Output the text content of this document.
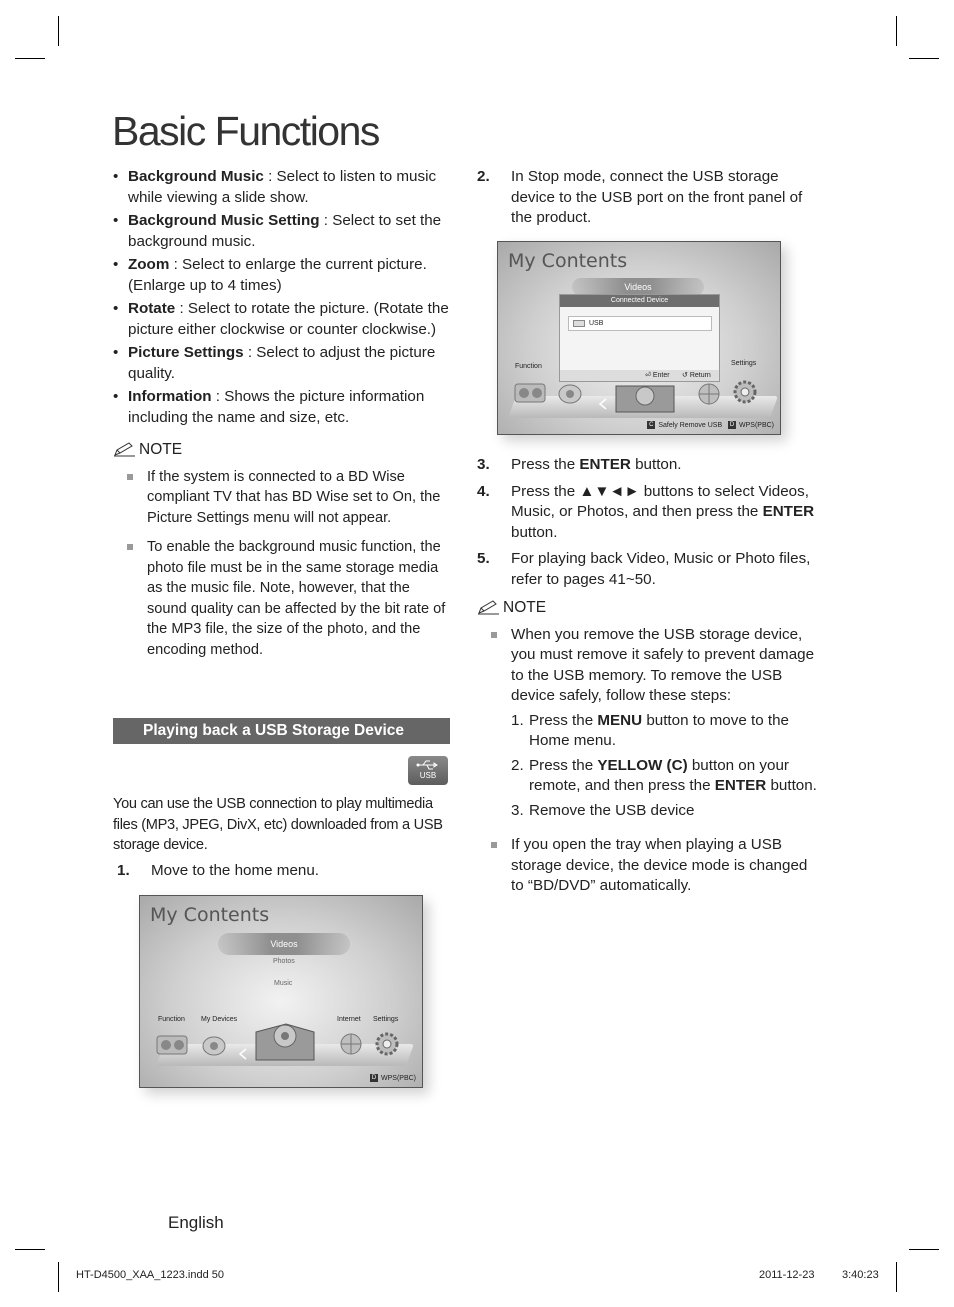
Basic Functions
• Background Music : Select to listen to music while viewing a slide show.
• Background Music Setting : Select to set the background music.
• Zoom : Select to enlarge the current picture. (Enlarge up to 4 times)
• Rotate : Select to rotate the picture. (Rotate the picture either clockwise or counter clockwise.)
• Picture Settings : Select to adjust the picture quality.
• Information : Shows the picture information including the name and size, etc.
NOTE
If the system is connected to a BD Wise compliant TV that has BD Wise set to On, the Picture Settings menu will not appear.
To enable the background music function, the photo file must be in the same storage media as the music file. Note, however, that the sound quality can be affected by the bit rate of the MP3 file, the size of the photo, and the encoding method.
Playing back a USB Storage Device
USB
You can use the USB connection to play multimedia files (MP3, JPEG, DivX, etc) downloaded from a USB storage device.
1. Move to the home menu.
My Contents
Videos
Photos
Music
Function My Devices	Internet Settings
D WPS(PBC)
2. In Stop mode, connect the USB storage device to the USB port on the front panel of the product.
My Contents
Videos
Connected Device
USB
⏎ Enter ↺ Return
Function	Settings
C Safely Remove USB D WPS(PBC)
3. Press the ENTER button.
4. Press the ▲▼◄► buttons to select Videos, Music, or Photos, and then press the ENTER button.
5. For playing back Video, Music or Photo files, refer to pages 41~50.
NOTE
When you remove the USB storage device, you must remove it safely to prevent damage to the USB memory. To remove the USB device safely, follow these steps:
1. Press the MENU button to move to the Home menu.
2. Press the YELLOW (C) button on your remote, and then press the ENTER button.
3. Remove the USB device
If you open the tray when playing a USB storage device, the device mode is changed to “BD/DVD” automatically.
English
HT-D4500_XAA_1223.indd 50	2011-12-23	3:40:23
